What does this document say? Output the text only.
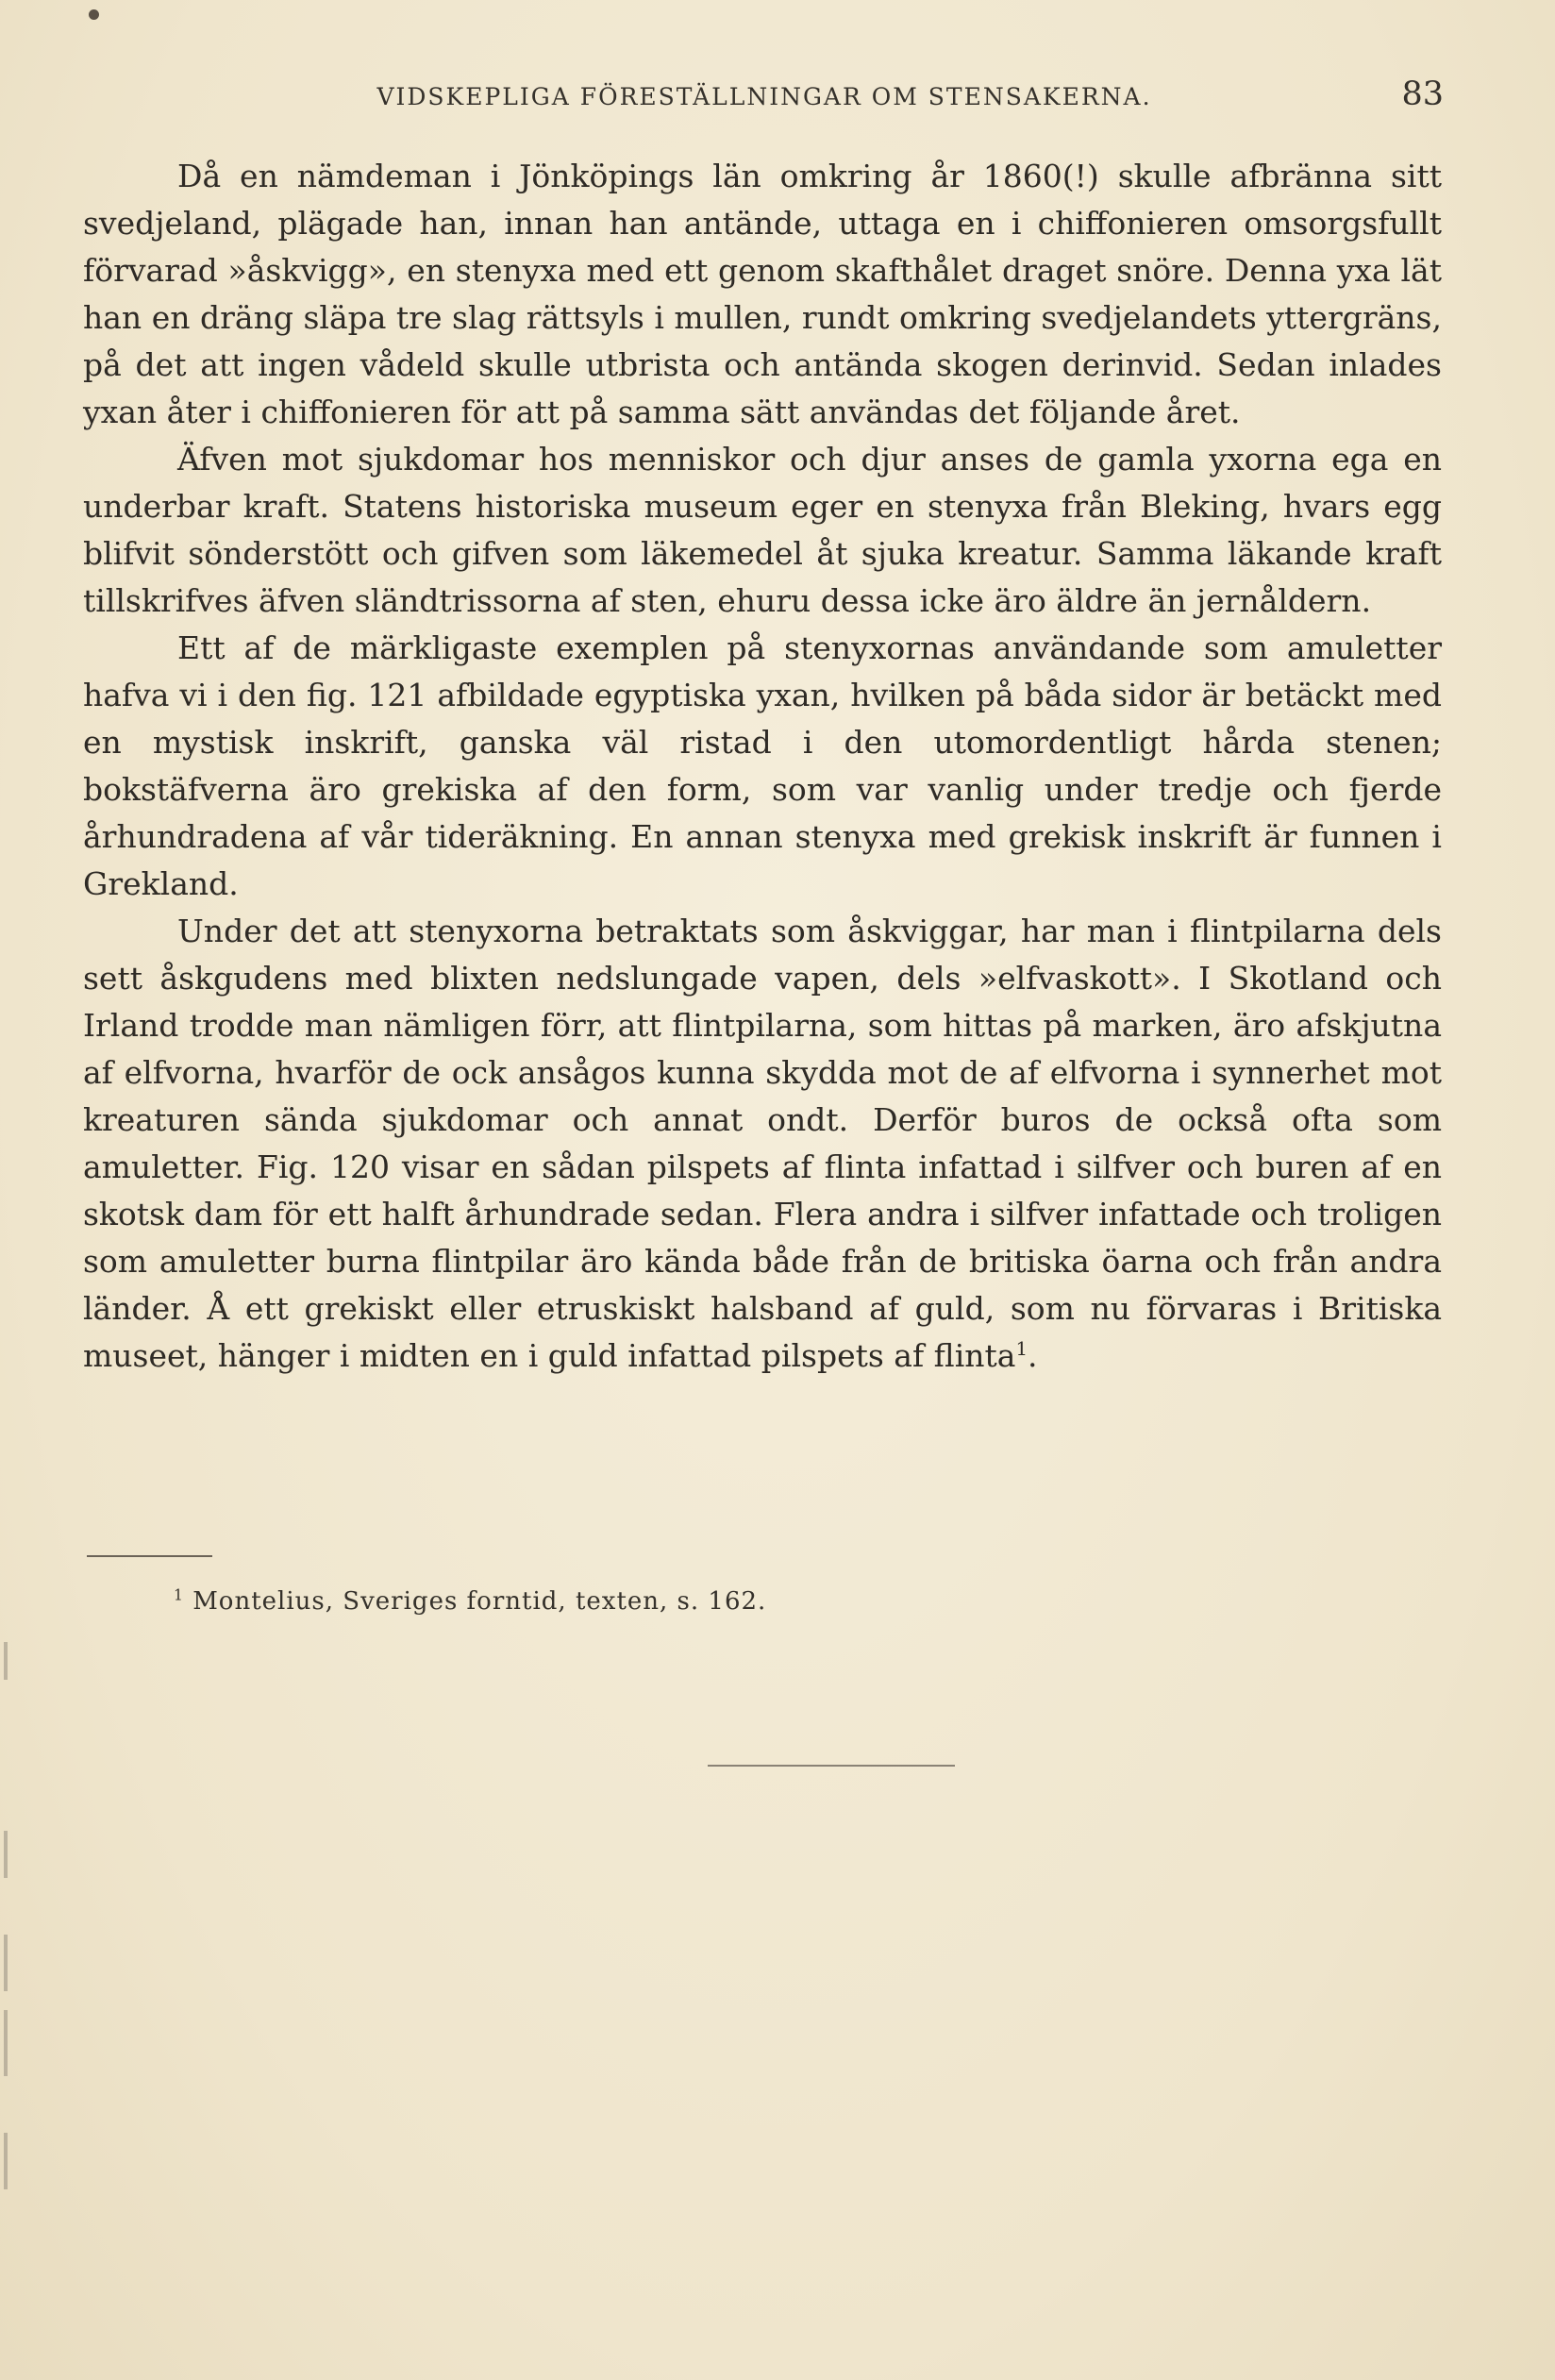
VIDSKEPLIGA FÖRESTÄLLNINGAR OM STENSAKERNA.	83

Då en nämdeman i Jönköpings län omkring år 1860(!) skulle afbränna sitt svedjeland, plägade han, innan han antände, uttaga en i chiffonieren omsorgsfullt förvarad »åskvigg», en stenyxa med ett genom skafthålet draget snöre. Denna yxa lät han en dräng släpa tre slag rättsyls i mullen, rundt omkring svedjelandets yttergräns, på det att ingen vådeld skulle utbrista och antända skogen derinvid. Sedan inlades yxan åter i chiffonieren för att på samma sätt användas det följande året.

Äfven mot sjukdomar hos menniskor och djur anses de gamla yxorna ega en underbar kraft. Statens historiska museum eger en stenyxa från Bleking, hvars egg blifvit sönderstött och gifven som läkemedel åt sjuka kreatur. Samma läkande kraft tillskrifves äfven sländtrissorna af sten, ehuru dessa icke äro äldre än jernåldern.

Ett af de märkligaste exemplen på stenyxornas användande som amuletter hafva vi i den fig. 121 afbildade egyptiska yxan, hvilken på båda sidor är betäckt med en mystisk inskrift, ganska väl ristad i den utomordentligt hårda stenen; bokstäfverna äro grekiska af den form, som var vanlig under tredje och fjerde århundradena af vår tideräkning. En annan stenyxa med grekisk inskrift är funnen i Grekland.

Under det att stenyxorna betraktats som åskviggar, har man i flintpilarna dels sett åskgudens med blixten nedslungade vapen, dels »elfvaskott». I Skotland och Irland trodde man nämligen förr, att flintpilarna, som hittas på marken, äro afskjutna af elfvorna, hvarför de ock ansågos kunna skydda mot de af elfvorna i synnerhet mot kreaturen sända sjukdomar och annat ondt. Derför buros de också ofta som amuletter. Fig. 120 visar en sådan pilspets af flinta infattad i silfver och buren af en skotsk dam för ett halft århundrade sedan. Flera andra i silfver infattade och troligen som amuletter burna flintpilar äro kända både från de britiska öarna och från andra länder. Å ett grekiskt eller etruskiskt halsband af guld, som nu förvaras i Britiska museet, hänger i midten en i guld infattad pilspets af flinta$^1$.

$^1$ Montelius, Sveriges forntid, texten, s. 162.
